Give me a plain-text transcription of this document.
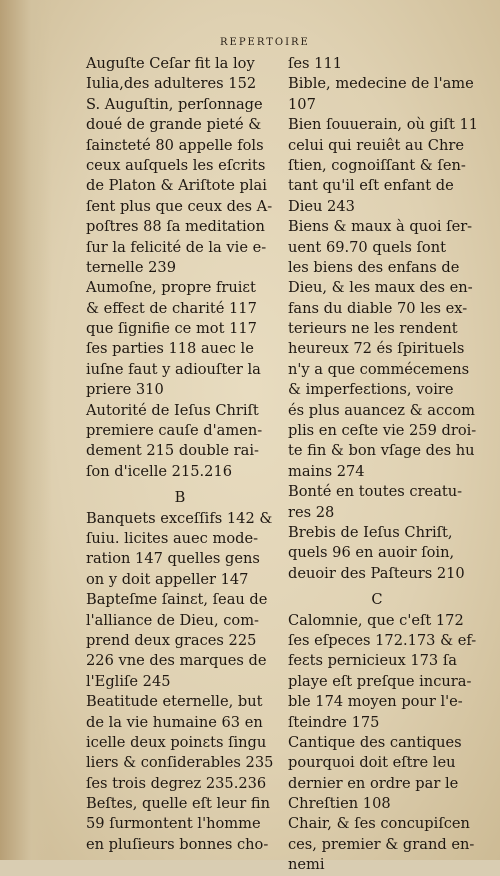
REPERTOIRE
Auguſte Ceſar fit la loy
Iulia,des adulteres 152
S. Auguſtin, perſonnage
doué de grande pieté &
ſainɛteté 80 appelle fols
ceux auſquels les eſcrits
de Platon & Ariſtote plai
ſent plus que ceux des A-
poſtres 88 ſa meditation
ſur la felicité de la vie e-
ternelle 239
Aumoſne, propre fruiɛt
& effeɛt de charité 117
que ſignifie ce mot 117
ſes parties 118 auec le
iuſne faut y adiouſter la
priere 310
Autorité de Ieſus Chriſt
premiere cauſe d'amen-
dement 215 double rai-
ſon d'icelle 215.216
B
Banquets exceſſifs 142 &
ſuiu. licites auec mode-
ration 147 quelles gens
on y doit appeller 147
Bapteſme ſainɛt, ſeau de
l'alliance de Dieu, com-
prend deux graces 225
226 vne des marques de
l'Egliſe 245
Beatitude eternelle, but
de la vie humaine 63 en
icelle deux poinɛts ſingu
liers & conſiderables 235
ſes trois degrez 235.236
Beſtes, quelle eſt leur fin
59 ſurmontent l'homme
en pluſieurs bonnes cho-
ſes 111
Bible, medecine de l'ame
107
Bien ſouuerain, où giſt 11
celui qui reuiêt au Chre
ſtien, cognoiſſant & ſen-
tant qu'il eſt enfant de
Dieu 243
Biens & maux à quoi ſer-
uent 69.70 quels ſont
les biens des enfans de
Dieu, & les maux des en-
fans du diable 70 les ex-
terieurs ne les rendent
heureux 72 és ſpirituels
n'y a que commécemens
& imperfeɛtions, voire
és plus auancez & accom
plis en ceſte vie 259 droi-
te fin & bon vſage des hu
mains 274
Bonté en toutes creatu-
res 28
Brebis de Ieſus Chriſt,
quels 96 en auoir ſoin,
deuoir des Paſteurs 210
C
Calomnie, que c'eſt 172
ſes eſpeces 172.173 & ef-
feɛts pernicieux 173 ſa
playe eſt preſque incura-
ble 174 moyen pour l'e-
ſteindre 175
Cantique des cantiques
pourquoi doit eſtre leu
dernier en ordre par le
Chreſtien 108
Chair, & ſes concupiſcen
ces, premier & grand en-
nemi
